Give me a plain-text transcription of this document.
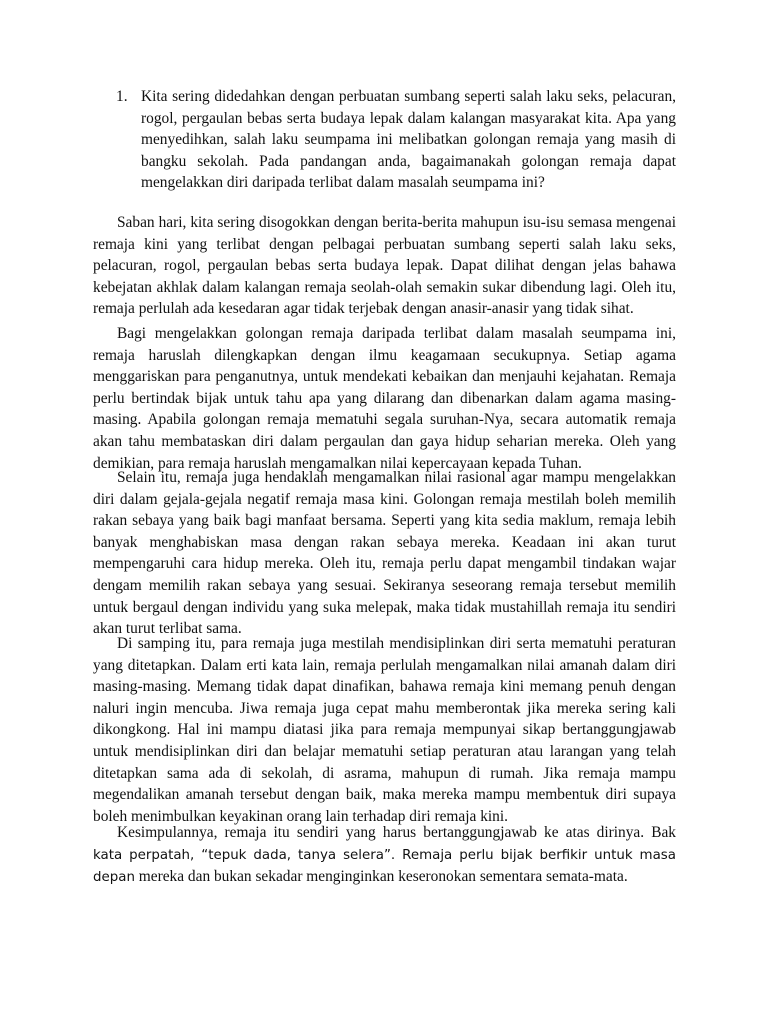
1. Kita sering didedahkan dengan perbuatan sumbang seperti salah laku seks, pelacuran, rogol, pergaulan bebas serta budaya lepak dalam kalangan masyarakat kita. Apa yang menyedihkan, salah laku seumpama ini melibatkan golongan remaja yang masih di bangku sekolah. Pada pandangan anda, bagaimanakah golongan remaja dapat mengelakkan diri daripada terlibat dalam masalah seumpama ini?

Saban hari, kita sering disogokkan dengan berita-berita mahupun isu-isu semasa mengenai remaja kini yang terlibat dengan pelbagai perbuatan sumbang seperti salah laku seks, pelacuran, rogol, pergaulan bebas serta budaya lepak. Dapat dilihat dengan jelas bahawa kebejatan akhlak dalam kalangan remaja seolah-olah semakin sukar dibendung lagi. Oleh itu, remaja perlulah ada kesedaran agar tidak terjebak dengan anasir-anasir yang tidak sihat.

Bagi mengelakkan golongan remaja daripada terlibat dalam masalah seumpama ini, remaja haruslah dilengkapkan dengan ilmu keagamaan secukupnya. Setiap agama menggariskan para penganutnya, untuk mendekati kebaikan dan menjauhi kejahatan. Remaja perlu bertindak bijak untuk tahu apa yang dilarang dan dibenarkan dalam agama masing-masing. Apabila golongan remaja mematuhi segala suruhan-Nya, secara automatik remaja akan tahu membataskan diri dalam pergaulan dan gaya hidup seharian mereka. Oleh yang demikian, para remaja haruslah mengamalkan nilai kepercayaan kepada Tuhan.

Selain itu, remaja juga hendaklah mengamalkan nilai rasional agar mampu mengelakkan diri dalam gejala-gejala negatif remaja masa kini. Golongan remaja mestilah boleh memilih rakan sebaya yang baik bagi manfaat bersama. Seperti yang kita sedia maklum, remaja lebih banyak menghabiskan masa dengan rakan sebaya mereka. Keadaan ini akan turut mempengaruhi cara hidup mereka. Oleh itu, remaja perlu dapat mengambil tindakan wajar dengam memilih rakan sebaya yang sesuai. Sekiranya seseorang remaja tersebut memilih untuk bergaul dengan individu yang suka melepak, maka tidak mustahillah remaja itu sendiri akan turut terlibat sama.

Di samping itu, para remaja juga mestilah mendisiplinkan diri serta mematuhi peraturan yang ditetapkan. Dalam erti kata lain, remaja perlulah mengamalkan nilai amanah dalam diri masing-masing. Memang tidak dapat dinafikan, bahawa remaja kini memang penuh dengan naluri ingin mencuba. Jiwa remaja juga cepat mahu memberontak jika mereka sering kali dikongkong. Hal ini mampu diatasi jika para remaja mempunyai sikap bertanggungjawab untuk mendisiplinkan diri dan belajar mematuhi setiap peraturan atau larangan yang telah ditetapkan sama ada di sekolah, di asrama, mahupun di rumah. Jika remaja mampu megendalikan amanah tersebut dengan baik, maka mereka mampu membentuk diri supaya boleh menimbulkan keyakinan orang lain terhadap diri remaja kini.

Kesimpulannya, remaja itu sendiri yang harus bertanggungjawab ke atas dirinya. Bak kata perpatah, “tepuk dada, tanya selera”. Remaja perlu bijak berfikir untuk masa depan mereka dan bukan sekadar menginginkan keseronokan sementara semata-mata.
